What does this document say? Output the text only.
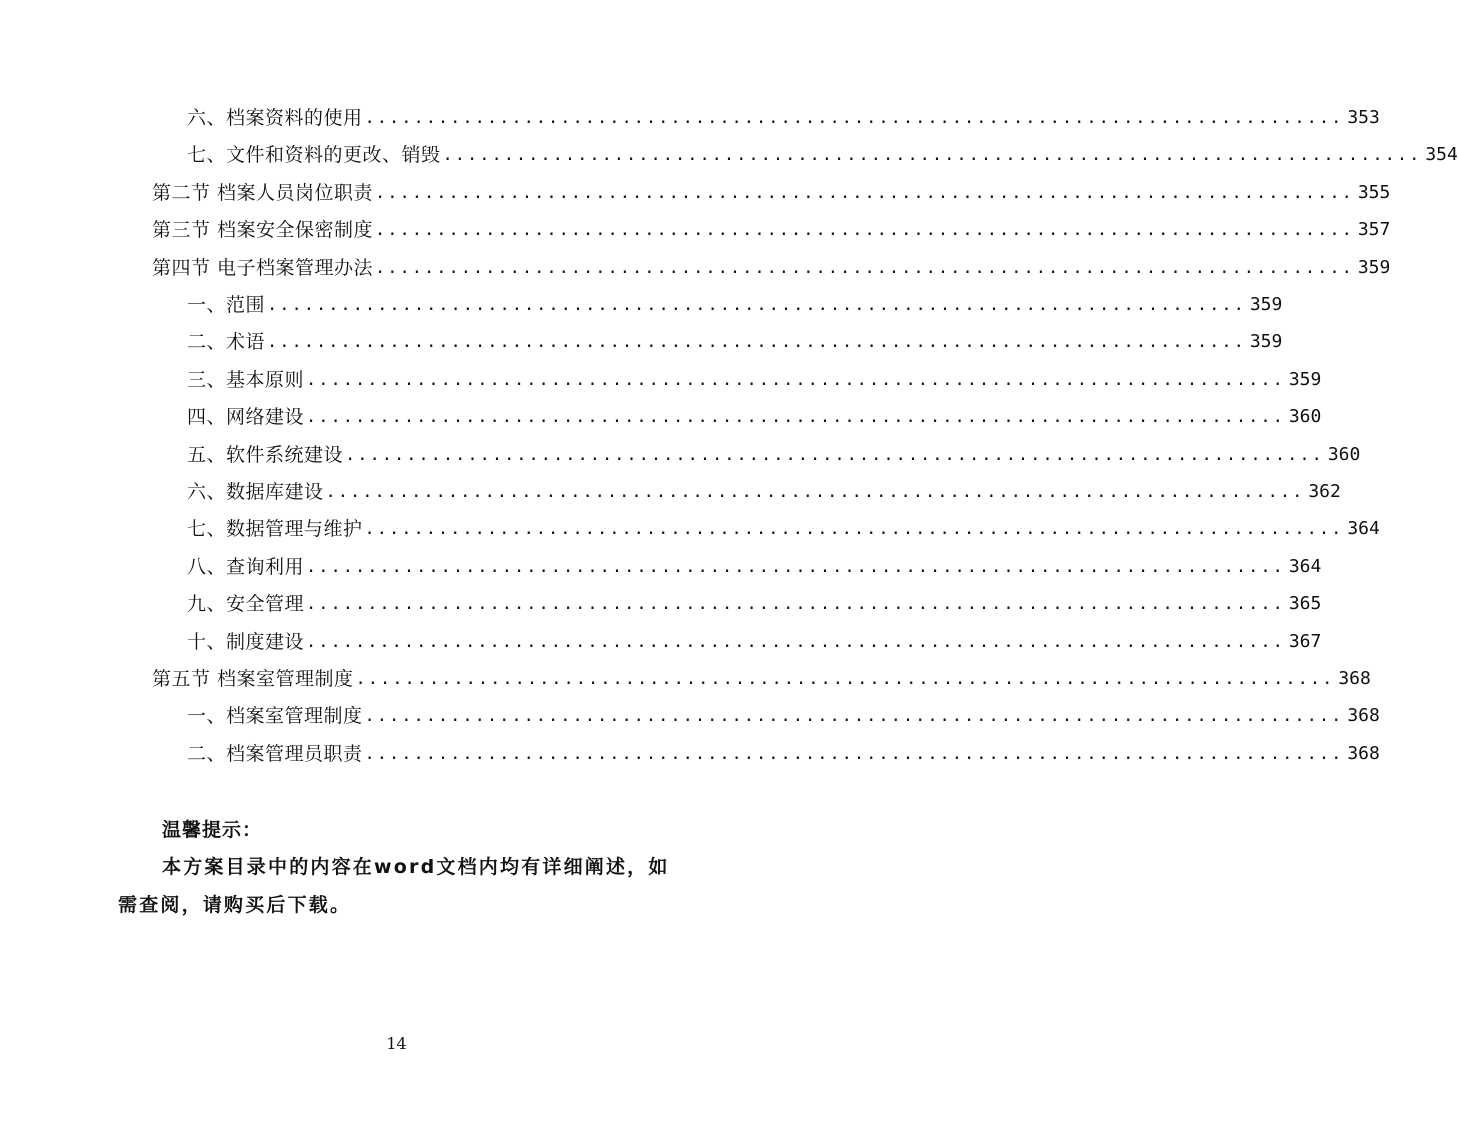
六、档案资料的使用 ................................................................................ 353
七、文件和资料的更改、销毁 ................................................................................ 354
第二节 档案人员岗位职责 ................................................................................ 355
第三节 档案安全保密制度 ................................................................................ 357
第四节 电子档案管理办法 ................................................................................ 359
一、范围 ................................................................................ 359
二、术语 ................................................................................ 359
三、基本原则 ................................................................................ 359
四、网络建设 ................................................................................ 360
五、软件系统建设 ................................................................................ 360
六、数据库建设 ................................................................................ 362
七、数据管理与维护 ................................................................................ 364
八、查询利用 ................................................................................ 364
九、安全管理 ................................................................................ 365
十、制度建设 ................................................................................ 367
第五节 档案室管理制度 ................................................................................ 368
一、档案室管理制度 ................................................................................ 368
二、档案管理员职责 ................................................................................ 368
温馨提示：
本方案目录中的内容在word文档内均有详细阐述，如需查阅，请购买后下载。
14
